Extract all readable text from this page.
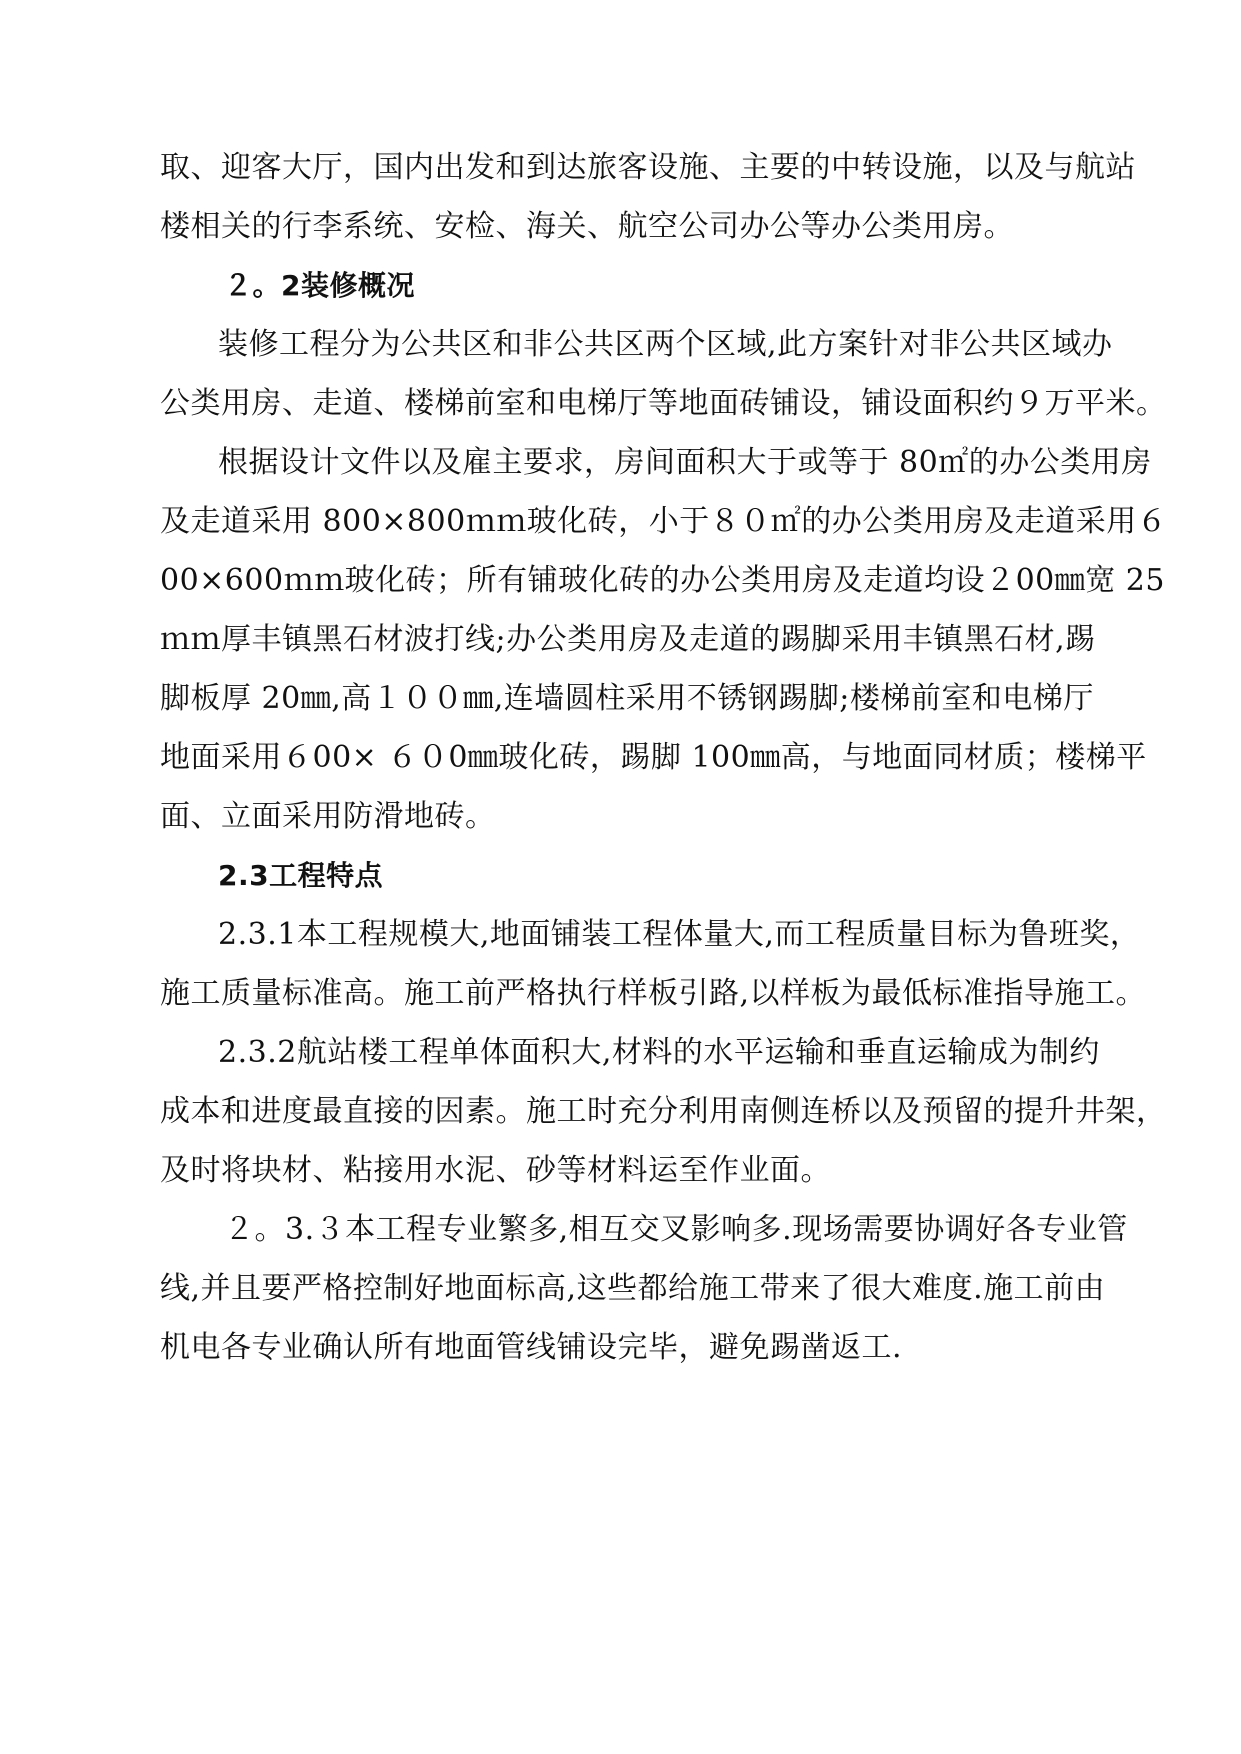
取、迎客大厅，国内出发和到达旅客设施、主要的中转设施，以及与航站
楼相关的行李系统、安检、海关、航空公司办公等办公类用房。
２。2装修概况
装修工程分为公共区和非公共区两个区域,此方案针对非公共区域办
公类用房、走道、楼梯前室和电梯厅等地面砖铺设，铺设面积约９万平米。
根据设计文件以及雇主要求，房间面积大于或等于 80㎡的办公类用房
及走道采用 800×800ｍｍ玻化砖，小于８０㎡的办公类用房及走道采用６
00×600ｍｍ玻化砖；所有铺玻化砖的办公类用房及走道均设２00㎜宽 25
ｍｍ厚丰镇黑石材波打线;办公类用房及走道的踢脚采用丰镇黑石材,踢
脚板厚 20㎜,高１００㎜,连墙圆柱采用不锈钢踢脚;楼梯前室和电梯厅
地面采用６00× ６０0㎜玻化砖，踢脚 100㎜高，与地面同材质；楼梯平
面、立面采用防滑地砖。
2.3工程特点
2.3.1本工程规模大,地面铺装工程体量大,而工程质量目标为鲁班奖，
施工质量标准高。施工前严格执行样板引路,以样板为最低标准指导施工。
2.3.2航站楼工程单体面积大,材料的水平运输和垂直运输成为制约
成本和进度最直接的因素。施工时充分利用南侧连桥以及预留的提升井架，
及时将块材、粘接用水泥、砂等材料运至作业面。
２。3.３本工程专业繁多,相互交叉影响多.现场需要协调好各专业管
线,并且要严格控制好地面标高,这些都给施工带来了很大难度.施工前由
机电各专业确认所有地面管线铺设完毕，避免踢凿返工.
